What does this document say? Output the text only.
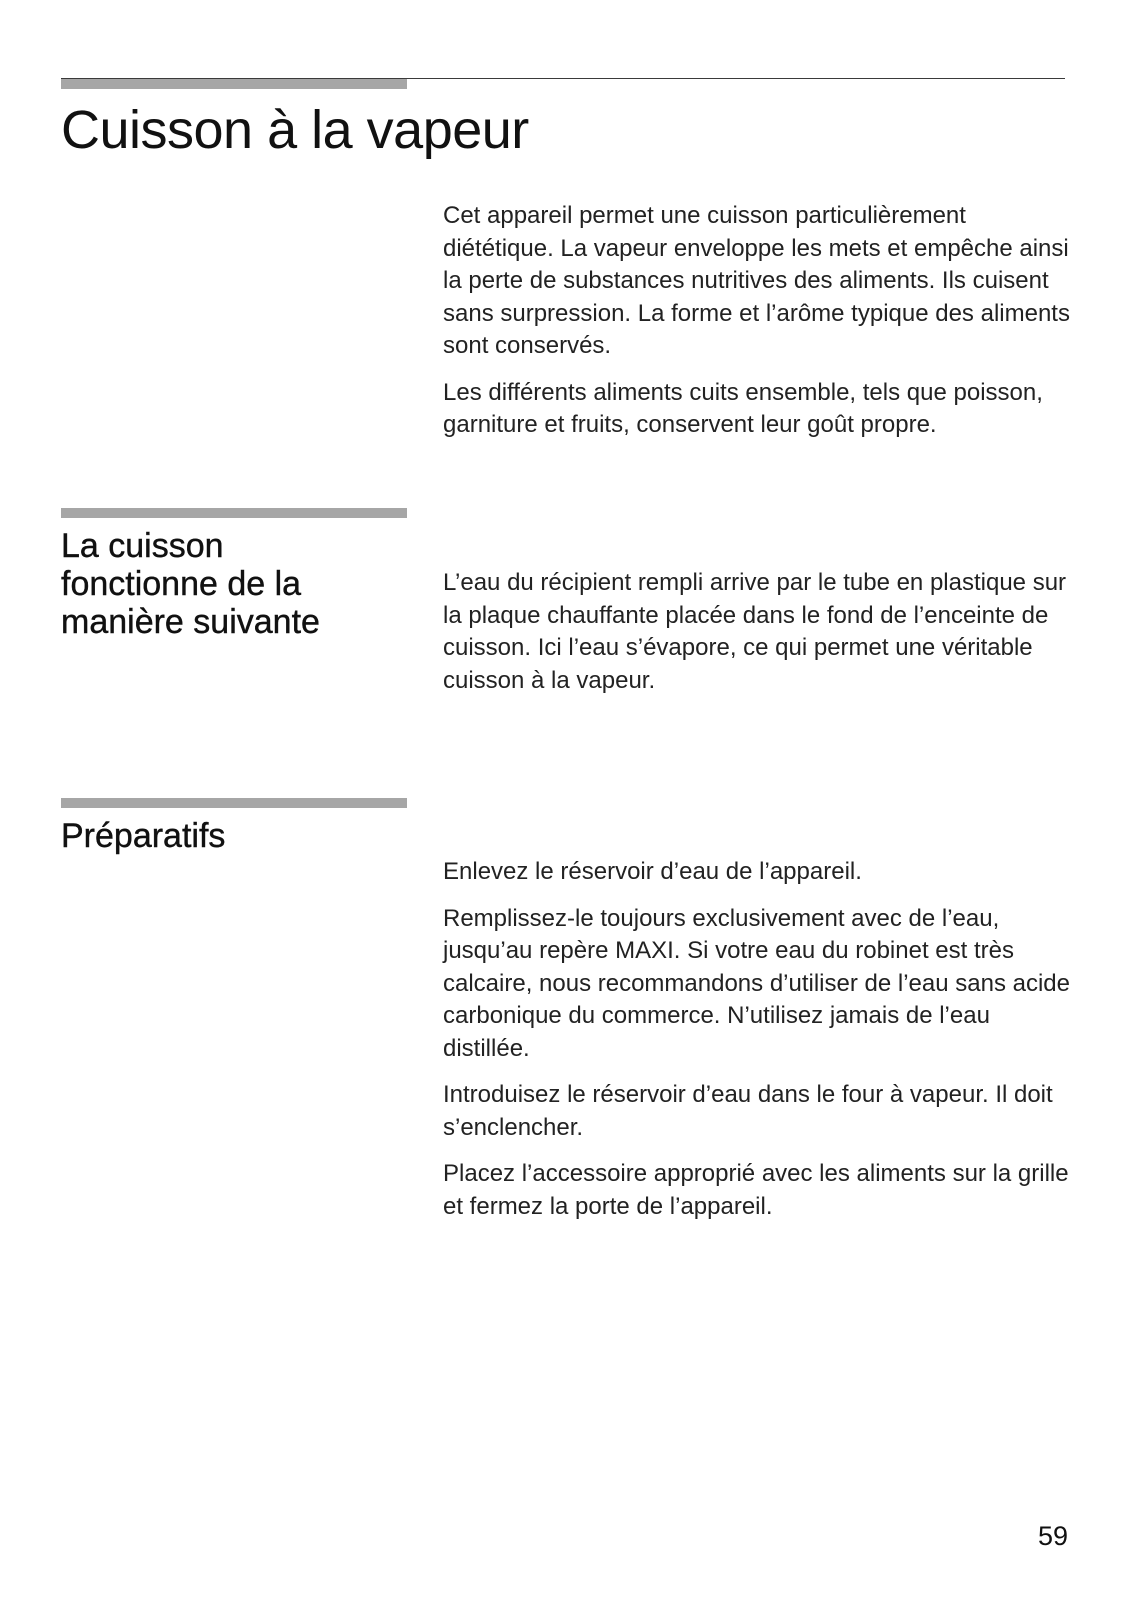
Cuisson à la vapeur

Cet appareil permet une cuisson particulièrement diététique. La vapeur enveloppe les mets et empêche ainsi la perte de substances nutritives des aliments. Ils cuisent sans surpression. La forme et l’arôme typique des aliments sont conservés.

Les différents aliments cuits ensemble, tels que poisson, garniture et fruits, conservent leur goût propre.

La cuisson
fonctionne de la
manière suivante

L’eau du récipient rempli arrive par le tube en plastique sur la plaque chauffante placée dans le fond de l’enceinte de cuisson. Ici l’eau s’évapore, ce qui permet une véritable cuisson à la vapeur.

Préparatifs

Enlevez le réservoir d’eau de l’appareil.

Remplissez-le toujours exclusivement avec de l’eau, jusqu’au repère MAXI. Si votre eau du robinet est très calcaire, nous recommandons d’utiliser de l’eau sans acide carbonique du commerce. N’utilisez jamais de l’eau distillée.

Introduisez le réservoir d’eau dans le four à vapeur. Il doit s’enclencher.

Placez l’accessoire approprié avec les aliments sur la grille et fermez la porte de l’appareil.

59
